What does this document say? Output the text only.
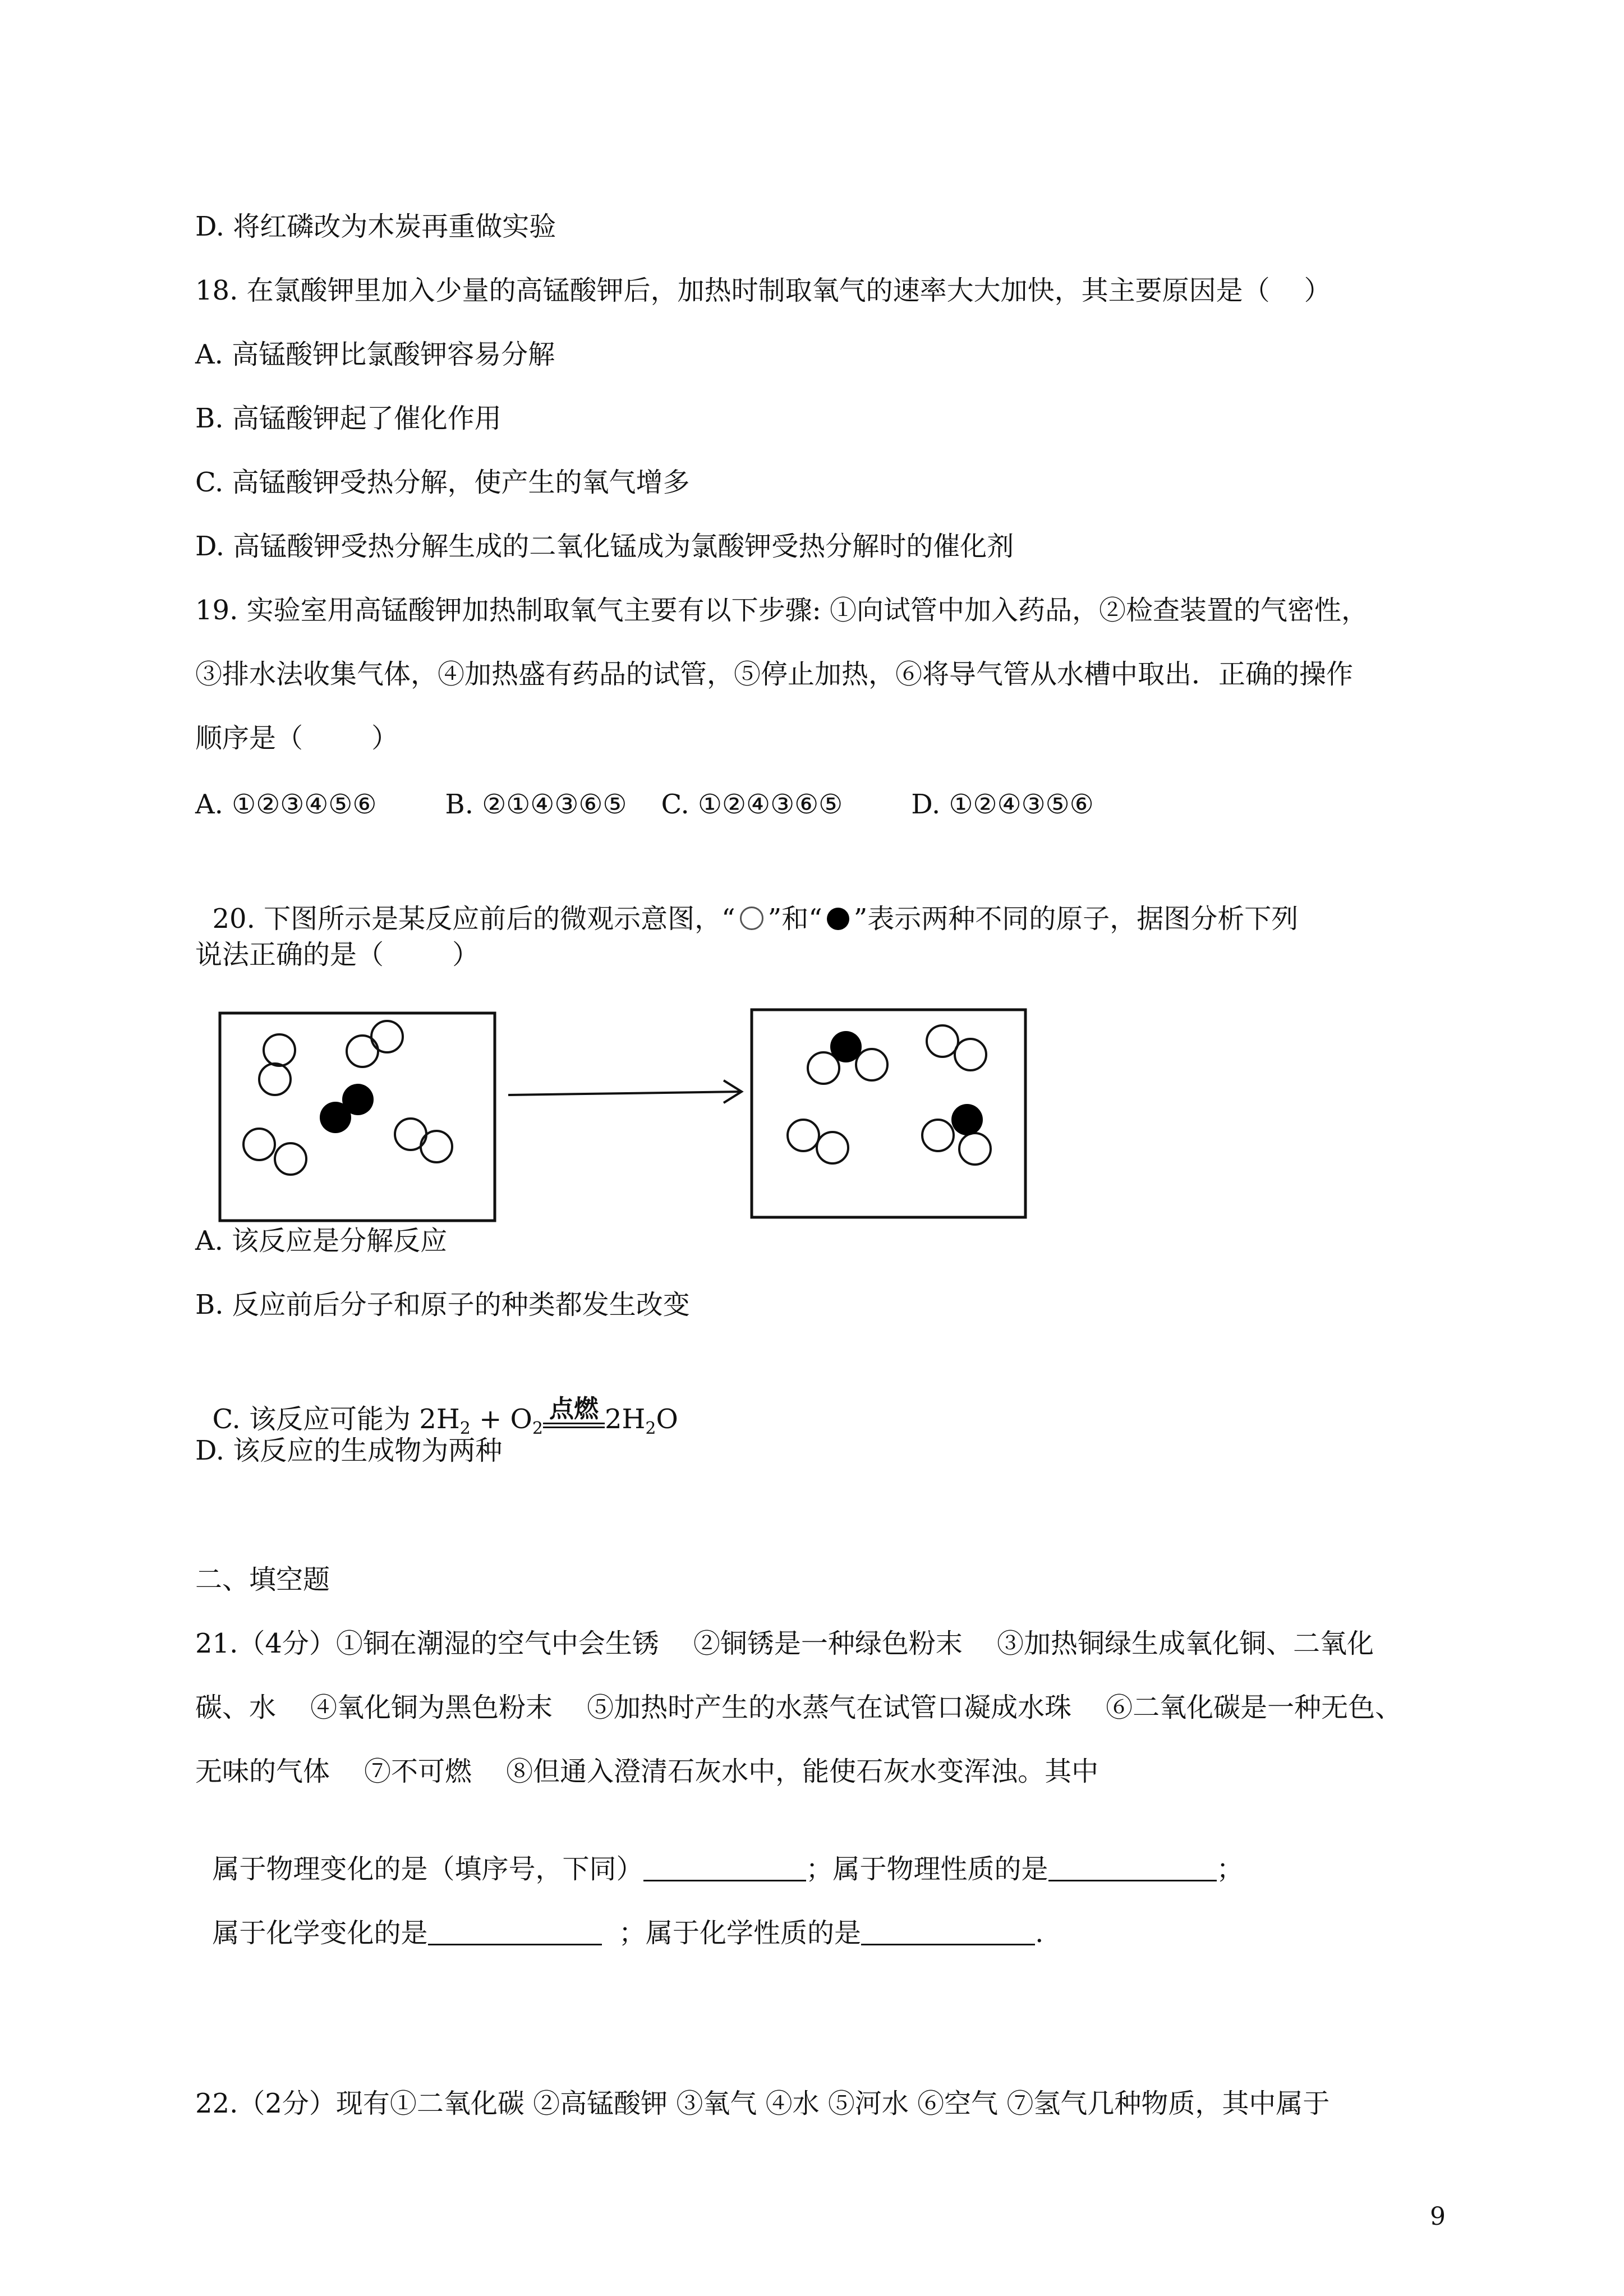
D. 将红磷改为木炭再重做实验
18. 在氯酸钾里加入少量的高锰酸钾后，加热时制取氧气的速率大大加快，其主要原因是（    ）
A. 高锰酸钾比氯酸钾容易分解
B. 高锰酸钾起了催化作用
C. 高锰酸钾受热分解，使产生的氧气增多
D. 高锰酸钾受热分解生成的二氧化锰成为氯酸钾受热分解时的催化剂
19. 实验室用高锰酸钾加热制取氧气主要有以下步骤: ①向试管中加入药品，②检查装置的气密性，
③排水法收集气体，④加热盛有药品的试管，⑤停止加热，⑥将导气管从水槽中取出．正确的操作
顺序是（        ）
A. ①②③④⑤⑥        B. ②①④③⑥⑤    C. ①②④③⑥⑤        D. ①②④③⑤⑥

20. 下图所示是某反应前后的微观示意图，“ ”和“ ”表示两种不同的原子，据图分析下列

说法正确的是（        ）
A. 该反应是分解反应
B. 反应前后分子和原子的种类都发生改变

C. 该反应可能为 $2H_2 + O_2$
点燃 $2H_2O$

D. 该反应的生成物为两种
二、填空题
21.（4分）①铜在潮湿的空气中会生锈    ②铜锈是一种绿色粉末    ③加热铜绿生成氧化铜、二氧化
碳、水    ④氧化铜为黑色粉末    ⑤加热时产生的水蒸气在试管口凝成水珠    ⑥二氧化碳是一种无色、
无味的气体    ⑦不可燃    ⑧但通入澄清石灰水中，能使石灰水变浑浊。其中

属于物理变化的是（填序号，下同）	；属于物理性质的是	；

属于化学变化的是	；属于化学性质的是	.

22.（2分）现有①二氧化碳 ②高锰酸钾 ③氧气 ④水 ⑤河水 ⑥空气 ⑦氢气几种物质，其中属于
9
